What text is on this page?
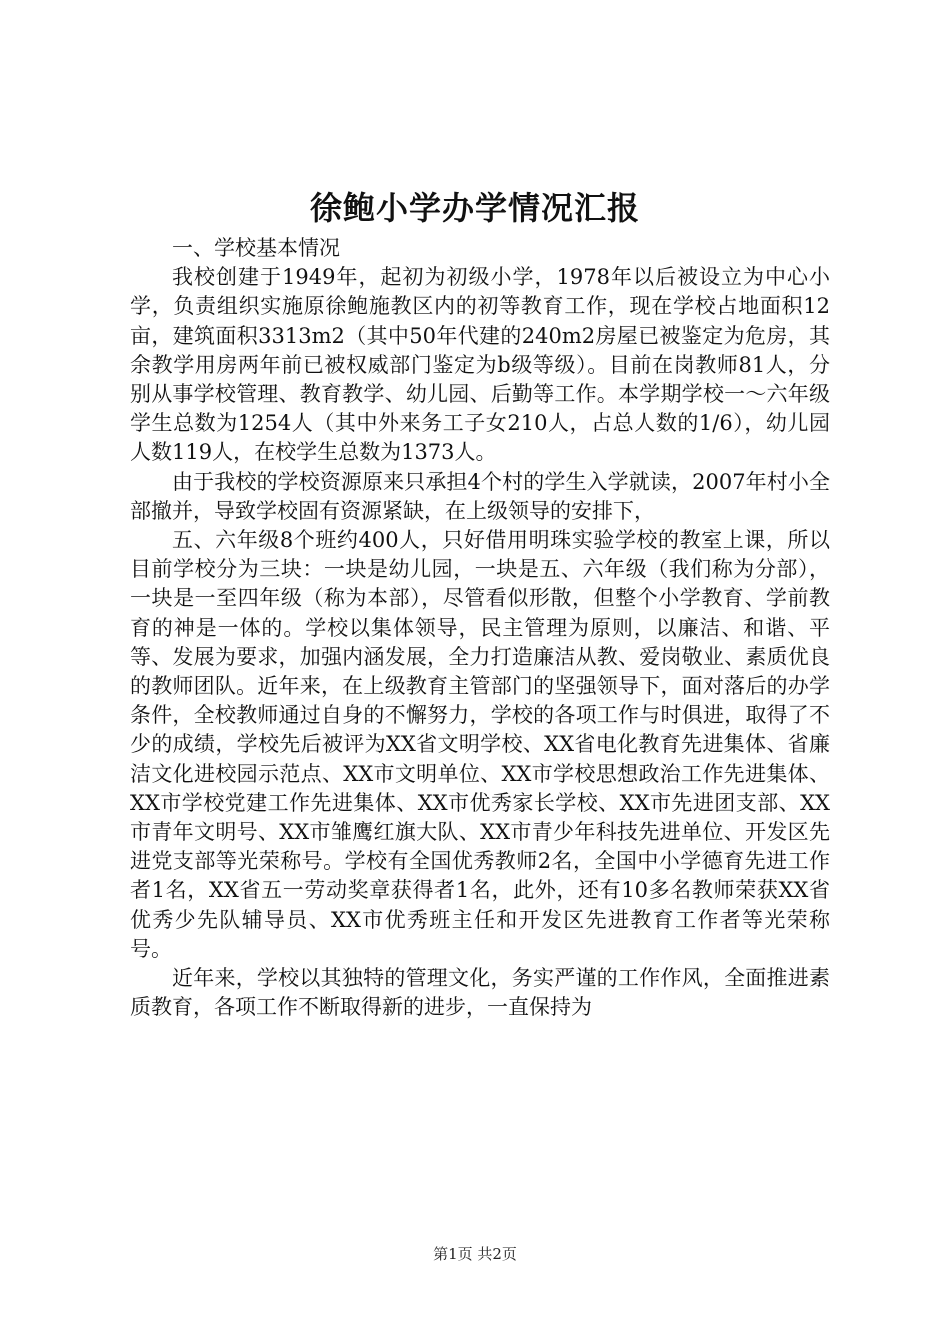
徐鲍小学办学情况汇报

一、学校基本情况

我校创建于1949年，起初为初级小学，1978年以后被设立为中心小学，负责组织实施原徐鲍施教区内的初等教育工作，现在学校占地面积12亩，建筑面积3313m2（其中50年代建的240m2房屋已被鉴定为危房，其余教学用房两年前已被权威部门鉴定为b级等级）。目前在岗教师81人，分别从事学校管理、教育教学、幼儿园、后勤等工作。本学期学校一～六年级学生总数为1254人（其中外来务工子女210人，占总人数的1/6），幼儿园人数119人，在校学生总数为1373人。

由于我校的学校资源原来只承担4个村的学生入学就读，2007年村小全部撤并，导致学校固有资源紧缺，在上级领导的安排下，

五、六年级8个班约400人，只好借用明珠实验学校的教室上课，所以目前学校分为三块：一块是幼儿园，一块是五、六年级（我们称为分部），一块是一至四年级（称为本部），尽管看似形散，但整个小学教育、学前教育的神是一体的。学校以集体领导，民主管理为原则，以廉洁、和谐、平等、发展为要求，加强内涵发展，全力打造廉洁从教、爱岗敬业、素质优良的教师团队。近年来，在上级教育主管部门的坚强领导下，面对落后的办学条件，全校教师通过自身的不懈努力，学校的各项工作与时俱进，取得了不少的成绩，学校先后被评为XX省文明学校、XX省电化教育先进集体、省廉洁文化进校园示范点、XX市文明单位、XX市学校思想政治工作先进集体、XX市学校党建工作先进集体、XX市优秀家长学校、XX市先进团支部、XX市青年文明号、XX市雏鹰红旗大队、XX市青少年科技先进单位、开发区先进党支部等光荣称号。学校有全国优秀教师2名，全国中小学德育先进工作者1名，XX省五一劳动奖章获得者1名，此外，还有10多名教师荣获XX省优秀少先队辅导员、XX市优秀班主任和开发区先进教育工作者等光荣称号。

近年来，学校以其独特的管理文化，务实严谨的工作作风，全面推进素质教育，各项工作不断取得新的进步，一直保持为

第1页 共2页
